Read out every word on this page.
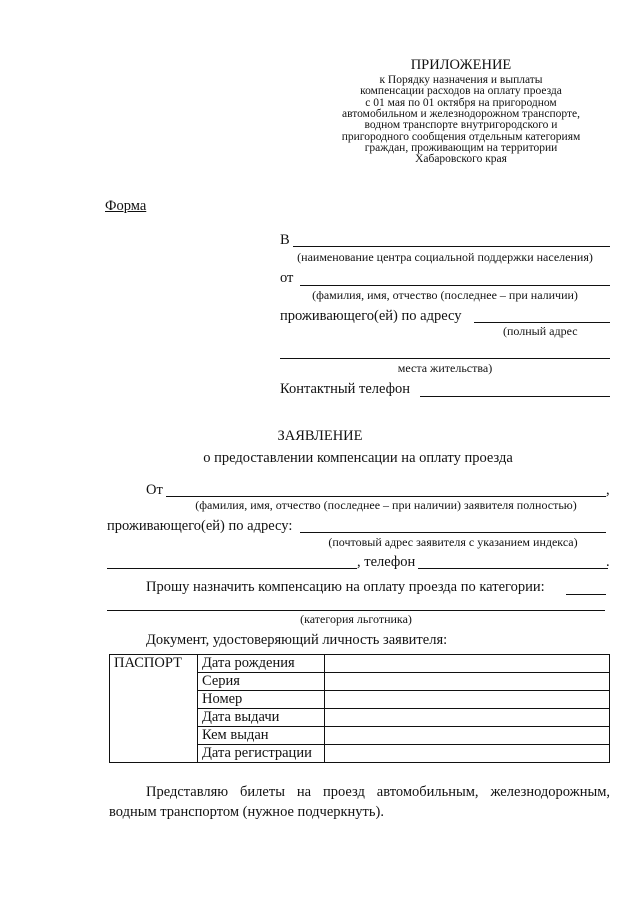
ПРИЛОЖЕНИЕ
к Порядку назначения и выплаты
компенсации расходов на оплату проезда
с 01 мая по 01 октября на пригородном
автомобильном и железнодорожном транспорте,
водном транспорте внутригородского и
пригородного сообщения отдельным категориям
граждан, проживающим на территории
Хабаровского края
Форма
В
(наименование центра социальной поддержки населения)
от
(фамилия, имя, отчество (последнее – при наличии)
проживающего(ей) по адресу
(полный адрес
места жительства)
Контактный телефон
ЗАЯВЛЕНИЕ
о предоставлении компенсации на оплату проезда
От	,
(фамилия, имя, отчество (последнее – при наличии) заявителя полностью)
проживающего(ей) по адресу:
(почтовый адрес заявителя с указанием индекса)
, телефон	.
Прошу назначить компенсацию на оплату проезда по категории:
(категория льготника)
Документ, удостоверяющий личность заявителя:
ПАСПОРТ	Дата рождения	
	Серия	
	Номер	
	Дата выдачи	
	Кем выдан	
	Дата регистрации	
Представляю билеты на проезд автомобильным, железнодорожным, водным транспортом (нужное подчеркнуть).
